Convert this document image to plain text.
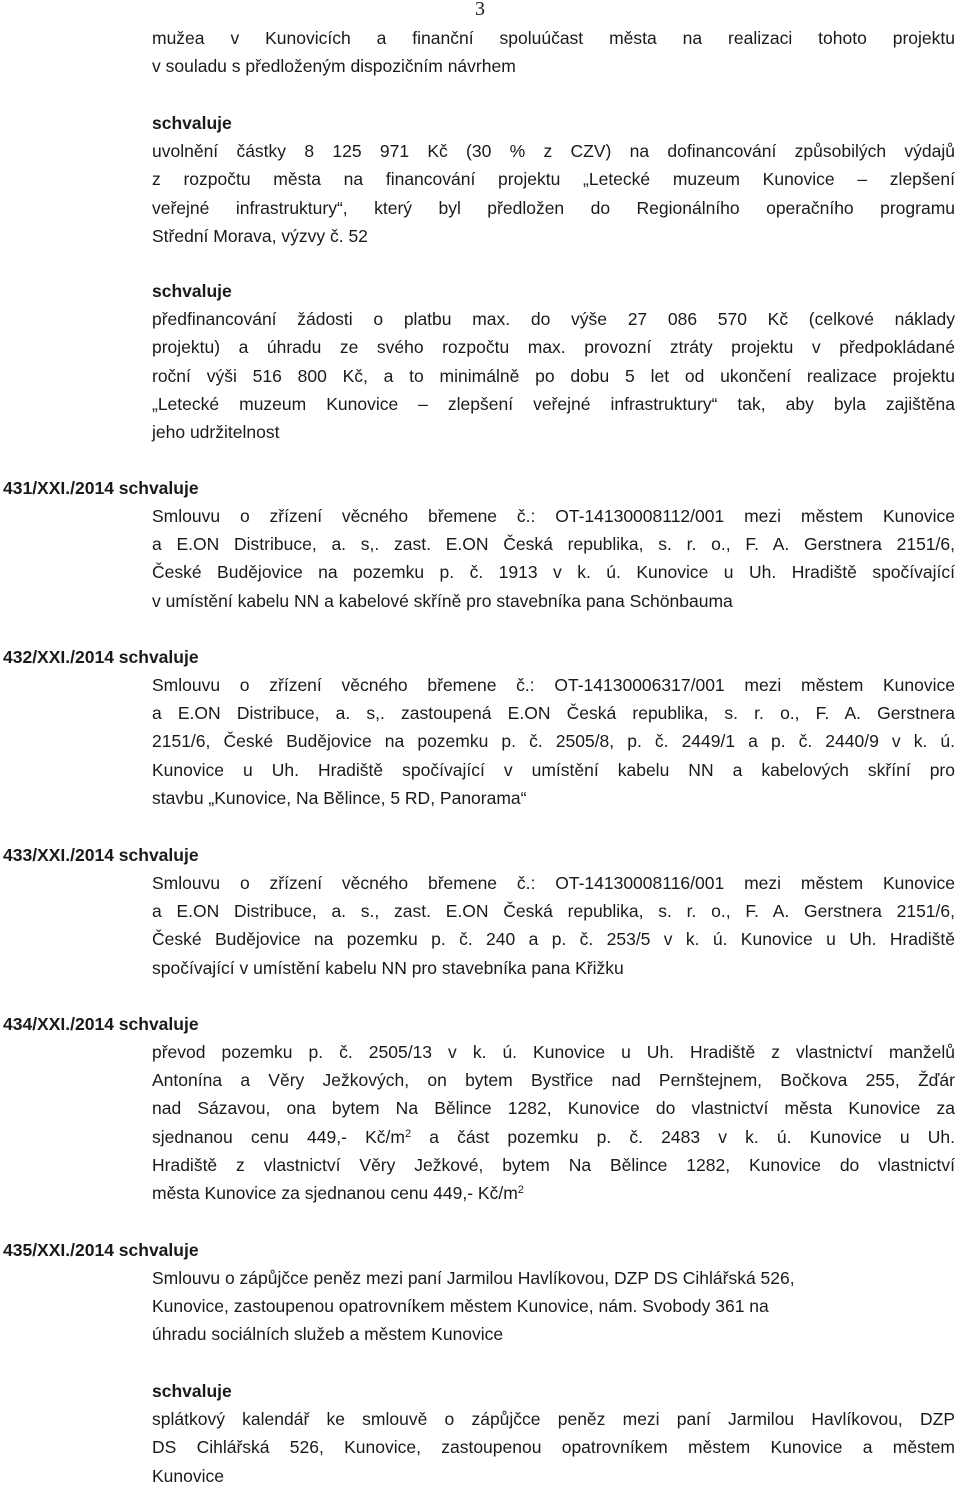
3
mužea v Kunovicích a finanční spoluúčast města na realizaci tohoto projektu
v souladu s předloženým dispozičním návrhem
schvaluje
uvolnění částky 8 125 971 Kč (30 % z CZV) na dofinancování způsobilých výdajů
z rozpočtu města na financování projektu „Letecké muzeum Kunovice – zlepšení
veřejné infrastruktury“, který byl předložen do Regionálního operačního programu
Střední Morava, výzvy č. 52
schvaluje
předfinancování žádosti o platbu max. do výše 27 086 570 Kč (celkové náklady
projektu) a úhradu ze svého rozpočtu max. provozní ztráty projektu v předpokládané
roční výši 516 800 Kč, a to minimálně po dobu 5 let od ukončení realizace projektu
„Letecké muzeum Kunovice – zlepšení veřejné infrastruktury“ tak, aby byla zajištěna
jeho udržitelnost
431/XXI./2014 schvaluje
Smlouvu o zřízení věcného břemene č.: OT-14130008112/001 mezi městem Kunovice
a E.ON Distribuce, a. s,. zast. E.ON Česká republika, s. r. o., F. A. Gerstnera 2151/6,
České Budějovice na pozemku p. č. 1913 v k. ú. Kunovice u Uh. Hradiště spočívající
v umístění kabelu NN a kabelové skříně pro stavebníka pana Schönbauma
432/XXI./2014 schvaluje
Smlouvu o zřízení věcného břemene č.: OT-14130006317/001 mezi městem Kunovice
a E.ON Distribuce, a. s,. zastoupená E.ON Česká republika, s. r. o., F. A. Gerstnera
2151/6, České Budějovice na pozemku p. č. 2505/8, p. č. 2449/1 a p. č. 2440/9 v k. ú.
Kunovice u Uh. Hradiště spočívající v umístění kabelu NN a kabelových skříní pro
stavbu „Kunovice, Na Bělince, 5 RD, Panorama“
433/XXI./2014 schvaluje
Smlouvu o zřízení věcného břemene č.: OT-14130008116/001 mezi městem Kunovice
a E.ON Distribuce, a. s., zast. E.ON Česká republika, s. r. o., F. A. Gerstnera 2151/6,
České Budějovice na pozemku p. č. 240 a p. č. 253/5 v k. ú. Kunovice u Uh. Hradiště
spočívající v umístění kabelu NN pro stavebníka pana Křižku
434/XXI./2014 schvaluje
převod pozemku p. č. 2505/13 v k. ú. Kunovice u Uh. Hradiště z vlastnictví manželů
Antonína a Věry Ježkových, on bytem Bystřice nad Pernštejnem, Bočkova 255, Žďár
nad Sázavou, ona bytem Na Bělince 1282, Kunovice do vlastnictví města Kunovice za
sjednanou cenu 449,- $Kč/m^2$ a část pozemku p. č. 2483 v k. ú. Kunovice u Uh.
Hradiště z vlastnictví Věry Ježkové, bytem Na Bělince 1282, Kunovice do vlastnictví
města Kunovice za sjednanou cenu 449,- $Kč/m^2$
435/XXI./2014 schvaluje
Smlouvu o zápůjčce peněz mezi paní Jarmilou Havlíkovou, DZP DS Cihlářská 526,
Kunovice, zastoupenou opatrovníkem městem Kunovice, nám. Svobody 361 na
úhradu sociálních služeb a městem Kunovice
schvaluje
splátkový kalendář ke smlouvě o zápůjčce peněz mezi paní Jarmilou Havlíkovou, DZP
DS Cihlářská 526, Kunovice, zastoupenou opatrovníkem městem Kunovice a městem
Kunovice
